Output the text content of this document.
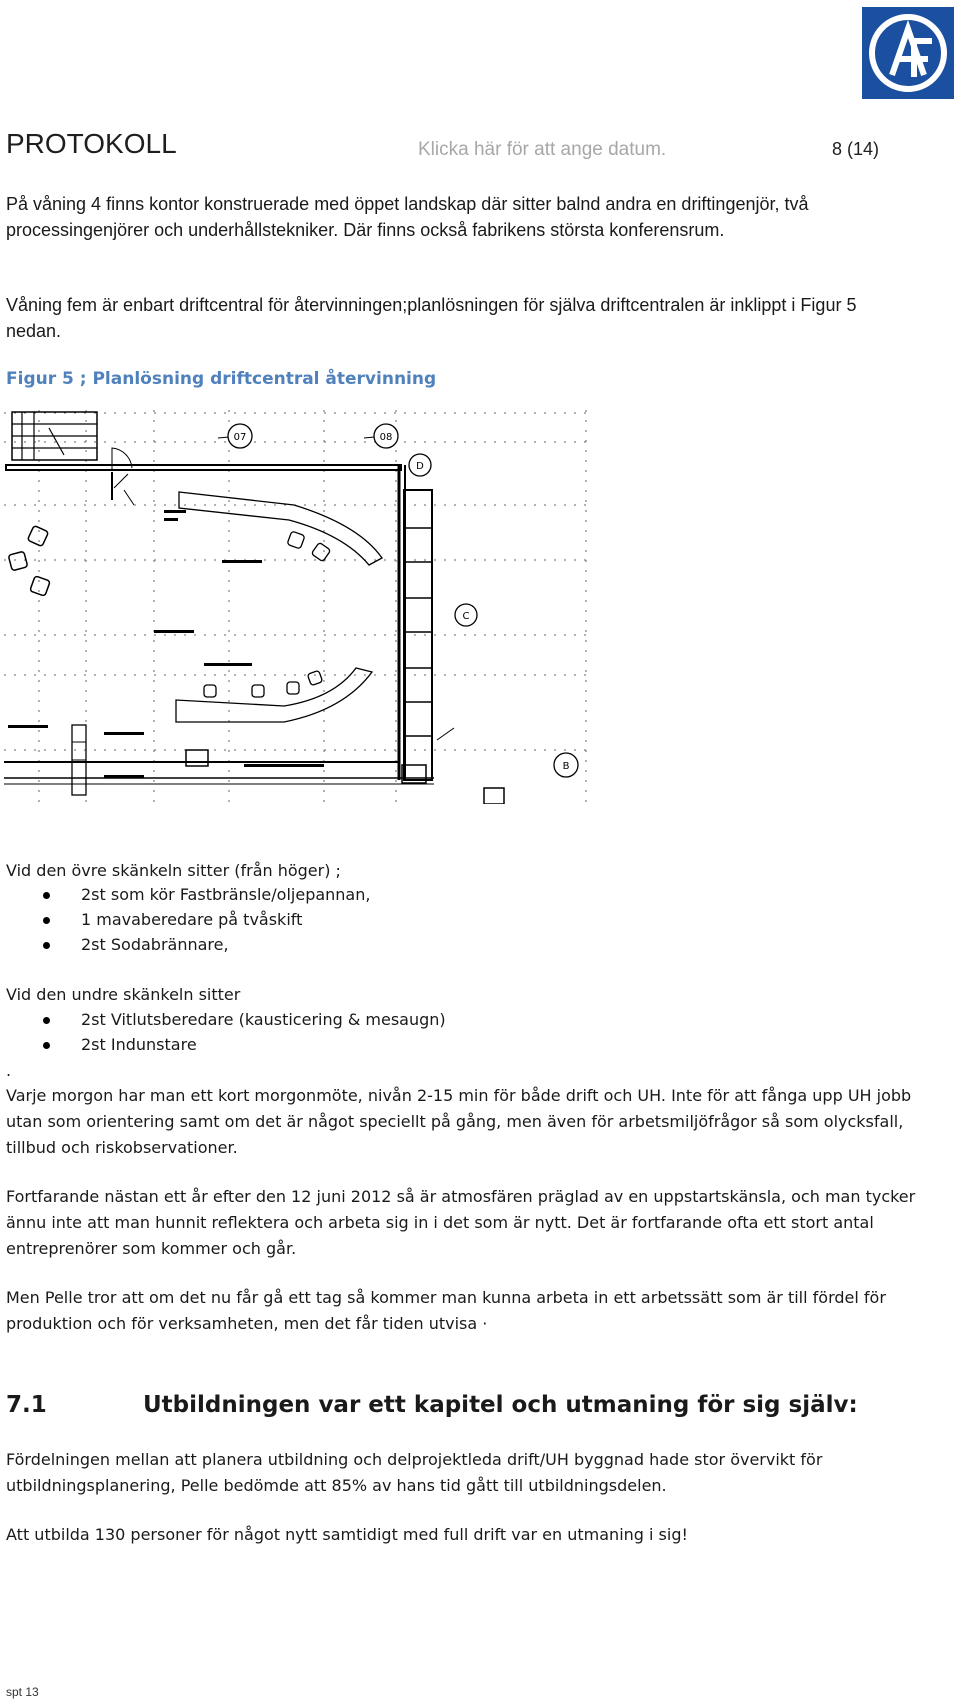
PROTOKOLL	Klicka här för att ange datum.	8 (14)

På våning 4 finns kontor konstruerade med öppet landskap där sitter balnd andra en driftingenjör, två processingenjörer och underhållstekniker. Där finns också fabrikens största konferensrum.

Våning fem är enbart driftcentral för återvinningen;planlösningen för själva driftcentralen är inklippt i Figur 5 nedan.

Figur 5 ; Planlösning driftcentral återvinning
07	08
D
C
B
Vid den övre skänkeln sitter (från höger) ;
2st som kör Fastbränsle/oljepannan,
1 mavaberedare på tvåskift
2st Sodabrännare,
Vid den undre skänkeln sitter
2st Vitlutsberedare (kausticering & mesaugn)
2st Indunstare
.

Varje morgon har man ett kort morgonmöte, nivån 2-15 min för både drift och UH. Inte för att fånga upp UH jobb utan som orientering samt om det är något speciellt på gång, men även för arbetsmiljöfrågor så som olycksfall, tillbud och riskobservationer.

Fortfarande nästan ett år efter den 12 juni 2012 så är atmosfären präglad av en uppstartskänsla, och man tycker ännu inte att man hunnit reflektera och arbeta sig in i det som är nytt. Det är fortfarande ofta ett stort antal entreprenörer som kommer och går.

Men Pelle tror att om det nu får gå ett tag så kommer man kunna arbeta in ett arbetssätt som är till fördel för produktion och för verksamheten, men det får tiden utvisa ·

7.1	Utbildningen var ett kapitel och utmaning för sig själv:

Fördelningen mellan att planera utbildning och delprojektleda drift/UH byggnad hade stor övervikt för utbildningsplanering, Pelle bedömde att 85% av hans tid gått till utbildningsdelen.

Att utbilda 130 personer för något nytt samtidigt med full drift var en utmaning i sig!

spt 13
